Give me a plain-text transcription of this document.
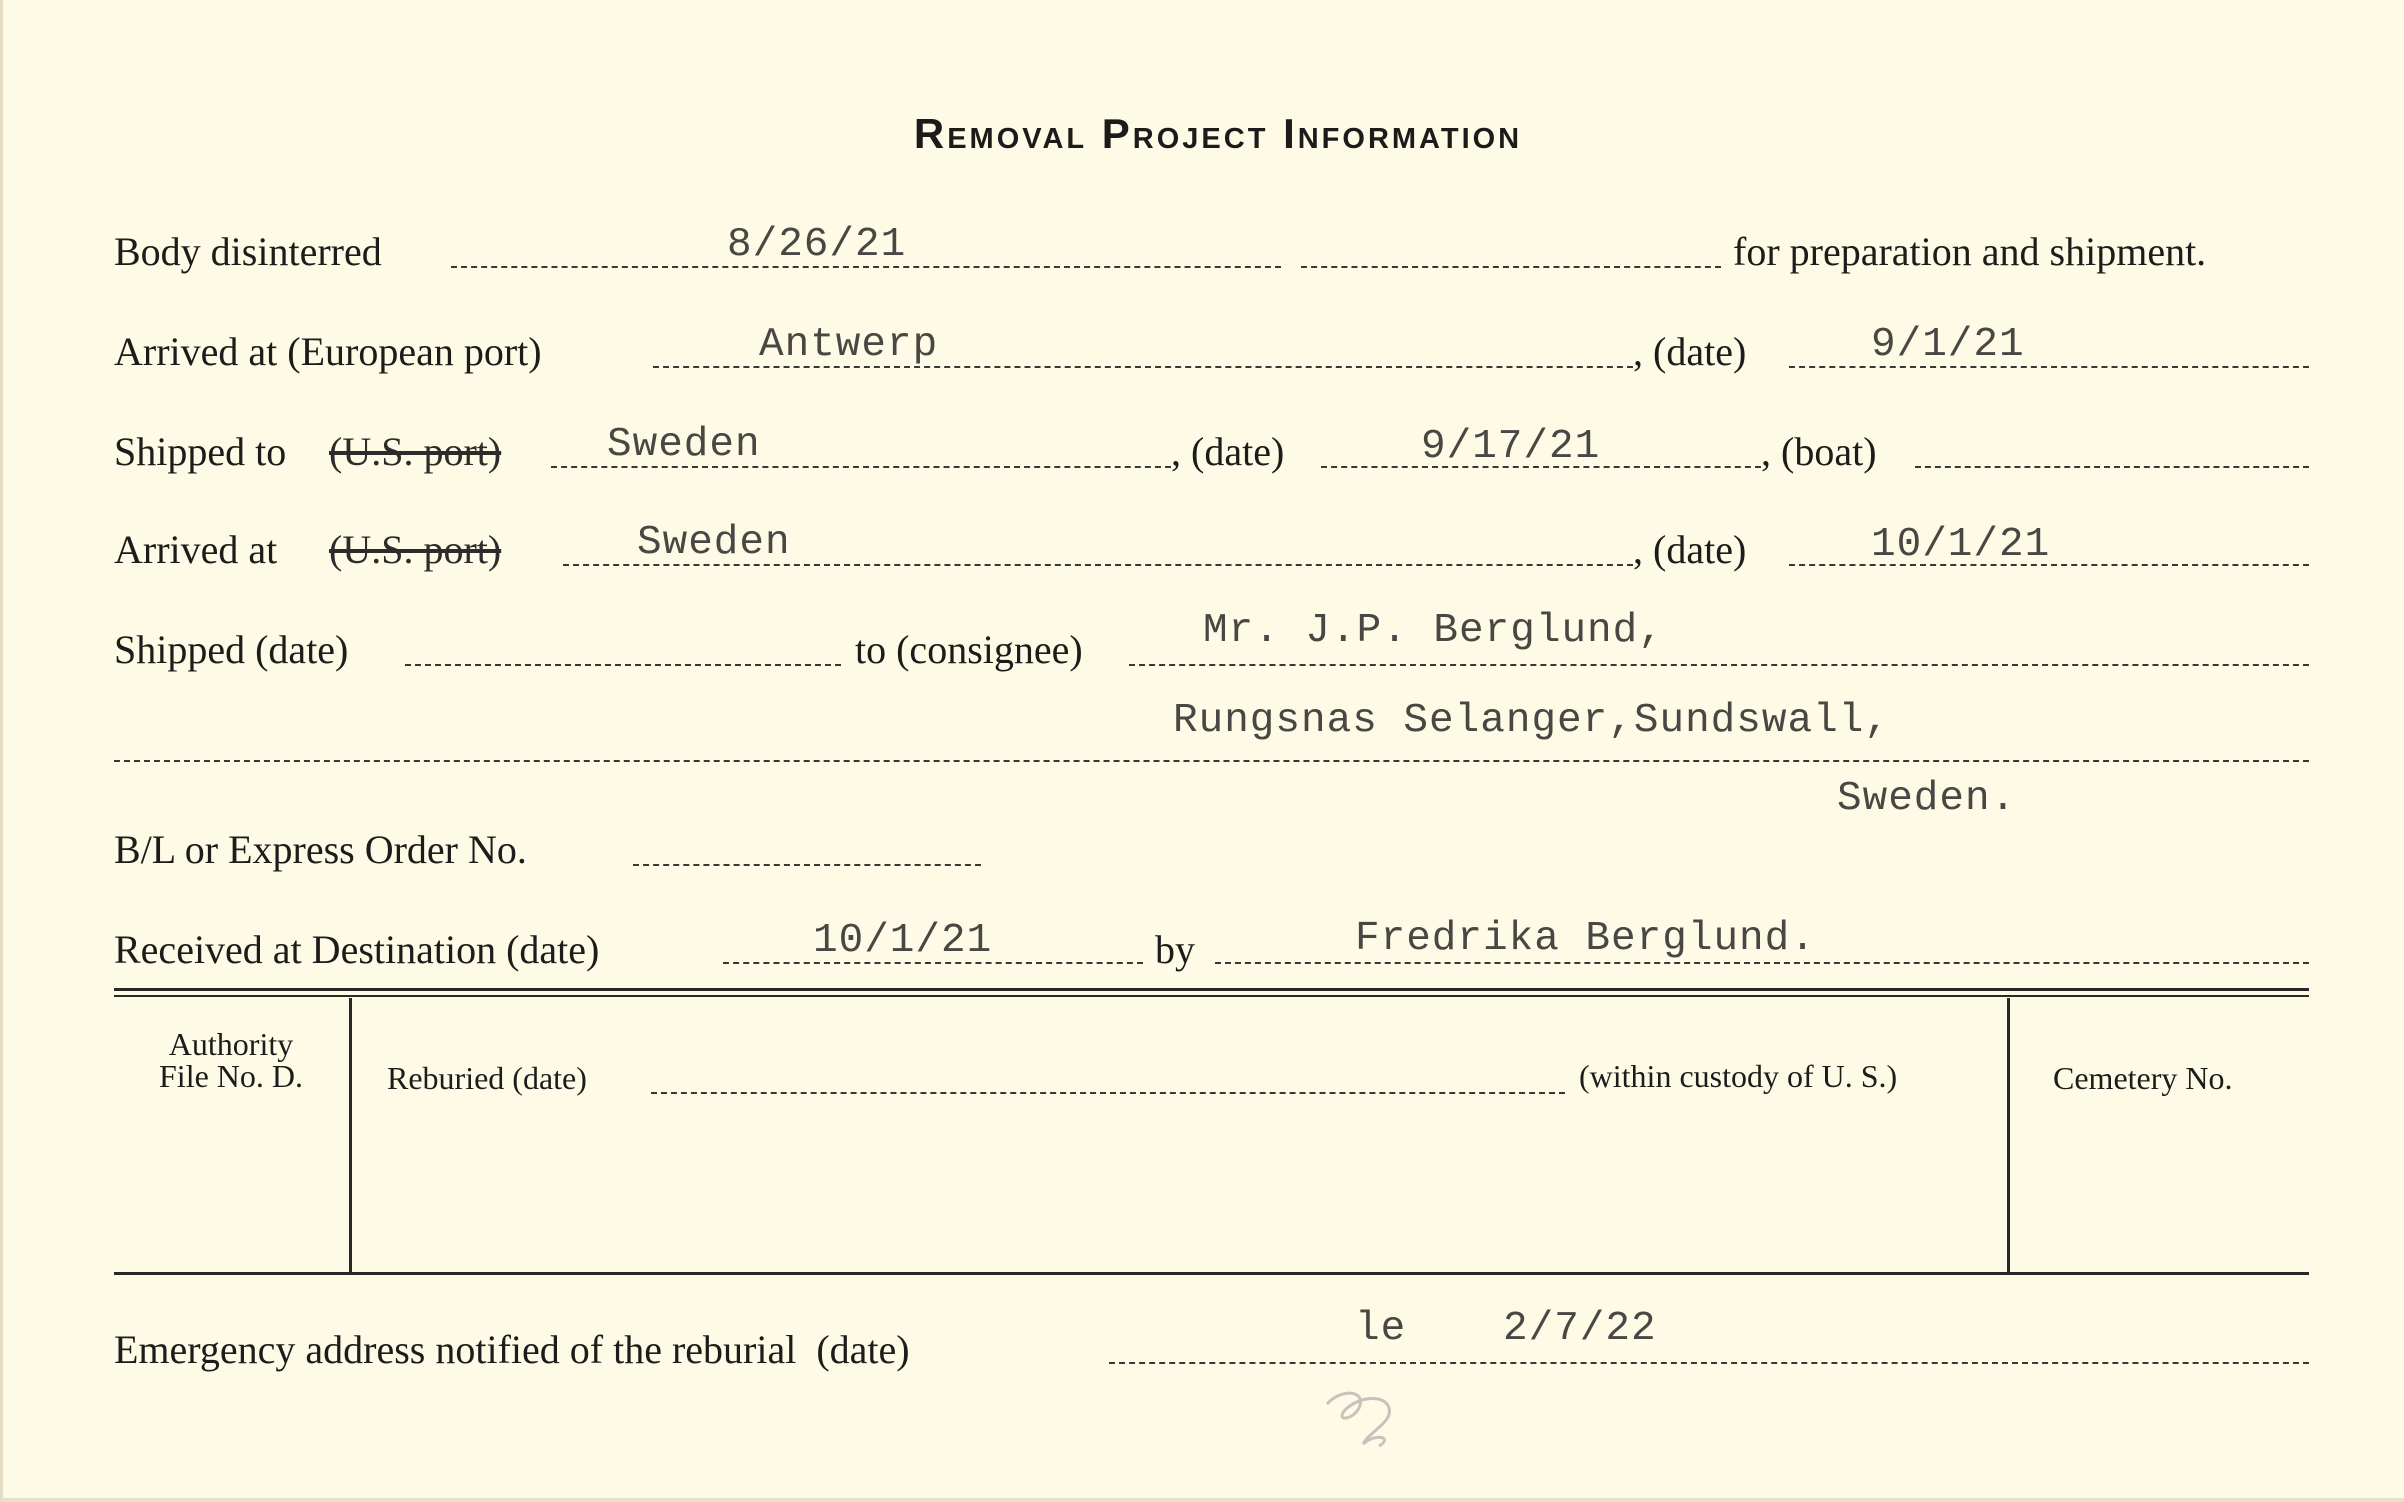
Removal Project Information
Body disinterred	8/26/21	for preparation and shipment.
Arrived at (European port)	Antwerp	, (date)	9/1/21
Shipped to (U.S. port)	Sweden	, (date)	9/17/21	, (boat)
Arrived at (U.S. port)	Sweden	, (date)	10/1/21
Shipped (date)	to (consignee)	Mr. J.P. Berglund,
Rungsnas Selanger,Sundswall,
Sweden.
B/L or Express Order No.
Received at Destination (date)	10/1/21	by	Fredrika Berglund.
Authority
File No. D.	Reburied (date)	(within custody of U. S.)	Cemetery No.
Emergency address notified of the reburial  (date)	le 2/7/22
